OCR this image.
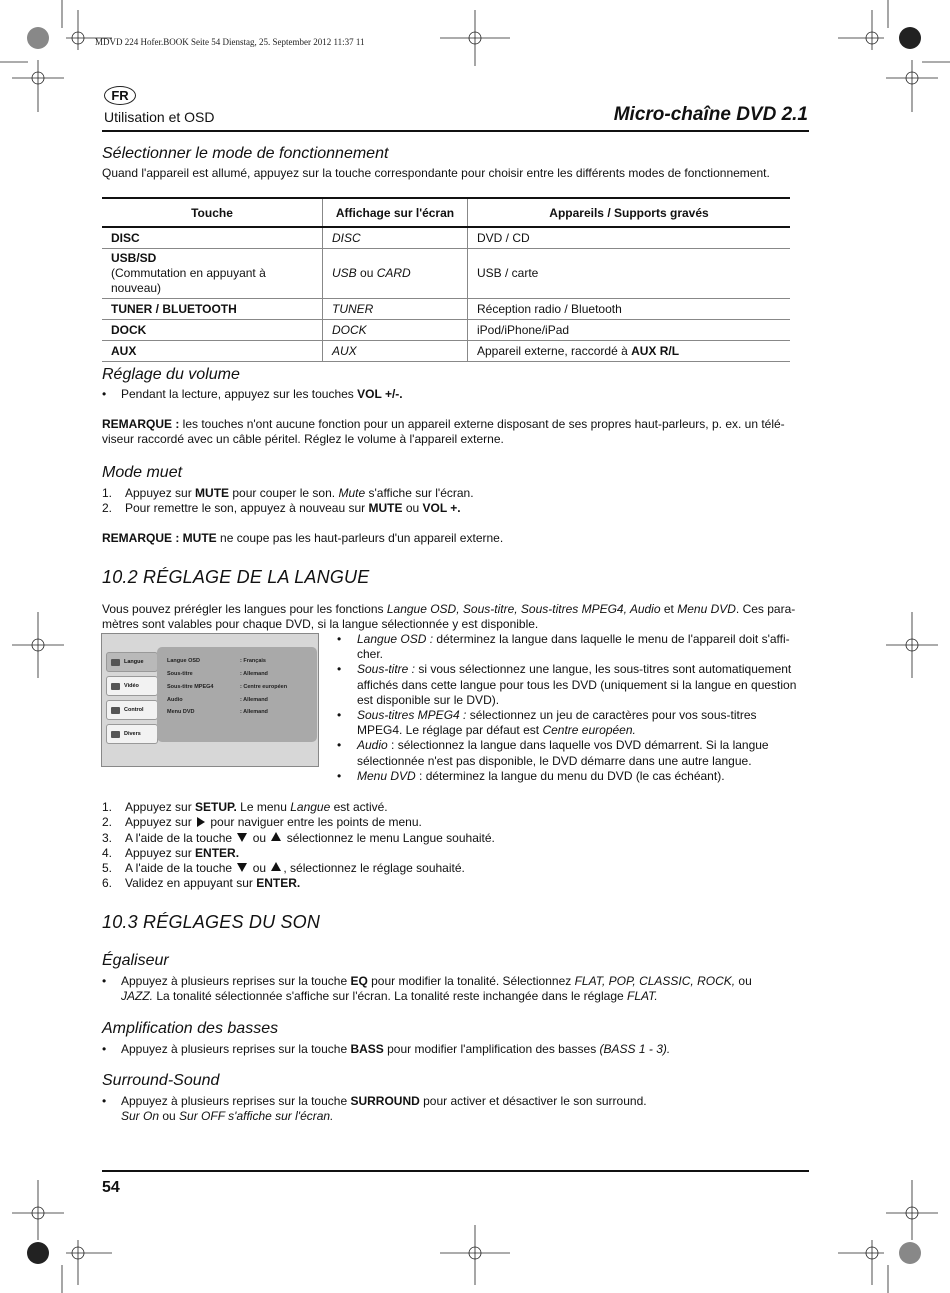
MDVD 224 Hofer.BOOK Seite 54 Dienstag, 25. September 2012 11:37 11
FR
Utilisation et OSD	Micro-chaîne DVD 2.1
Sélectionner le mode de fonctionnement
Quand l'appareil est allumé, appuyez sur la touche correspondante pour choisir entre les différents modes de fonctionnement.
Touche	Affichage sur l'écran	Appareils / Supports gravés
DISC	DISC	DVD / CD
USB/SD
(Commutation en appuyant à nouveau)	USB ou CARD	USB / carte
TUNER / BLUETOOTH	TUNER	Réception radio / Bluetooth
DOCK	DOCK	iPod/iPhone/iPad
AUX	AUX	Appareil externe, raccordé à AUX R/L
Réglage du volume
• Pendant la lecture, appuyez sur les touches VOL +/-.
REMARQUE : les touches n'ont aucune fonction pour un appareil externe disposant de ses propres haut-parleurs, p. ex. un télé-
viseur raccordé avec un câble péritel. Réglez le volume à l'appareil externe.
Mode muet
1. Appuyez sur MUTE pour couper le son. Mute s'affiche sur l'écran.
2. Pour remettre le son, appuyez à nouveau sur MUTE ou VOL +.
REMARQUE : MUTE ne coupe pas les haut-parleurs d'un appareil externe.
10.2 RÉGLAGE DE LA LANGUE
Vous pouvez prérégler les langues pour les fonctions Langue OSD, Sous-titre, Sous-titres MPEG4, Audio et Menu DVD. Ces para-
mètres sont valables pour chaque DVD, si la langue sélectionnée y est disponible.
Langue
Vidéo
Control
Divers
Langue OSD	: Français
Sous-titre	: Allemand
Sous-titre MPEG4	: Centre européen
Audio	: Allemand
Menu DVD	: Allemand
• Langue OSD : déterminez la langue dans laquelle le menu de l'appareil doit s'affi-
cher.
• Sous-titre : si vous sélectionnez une langue, les sous-titres sont automatiquement
affichés dans cette langue pour tous les DVD (uniquement si la langue en question
est disponible sur le DVD).
• Sous-titres MPEG4 : sélectionnez un jeu de caractères pour vos sous-titres
MPEG4. Le réglage par défaut est Centre européen.
• Audio : sélectionnez la langue dans laquelle vos DVD démarrent. Si la langue
sélectionnée n'est pas disponible, le DVD démarre dans une autre langue.
• Menu DVD : déterminez la langue du menu du DVD (le cas échéant).
1. Appuyez sur SETUP. Le menu Langue est activé.
2. Appuyez sur  pour naviguer entre les points de menu.
3. A l'aide de la touche  ou  sélectionnez le menu Langue souhaité.
4. Appuyez sur ENTER.
5. A l'aide de la touche  ou , sélectionnez le réglage souhaité.
6. Validez en appuyant sur ENTER.
10.3 RÉGLAGES DU SON
Égaliseur
• Appuyez à plusieurs reprises sur la touche EQ pour modifier la tonalité. Sélectionnez FLAT, POP, CLASSIC, ROCK, ou
JAZZ. La tonalité sélectionnée s'affiche sur l'écran. La tonalité reste inchangée dans le réglage FLAT.
Amplification des basses
• Appuyez à plusieurs reprises sur la touche BASS pour modifier l'amplification des basses (BASS 1 - 3).
Surround-Sound
• Appuyez à plusieurs reprises sur la touche SURROUND pour activer et désactiver le son surround.
Sur On ou Sur OFF s'affiche sur l'écran.
54
